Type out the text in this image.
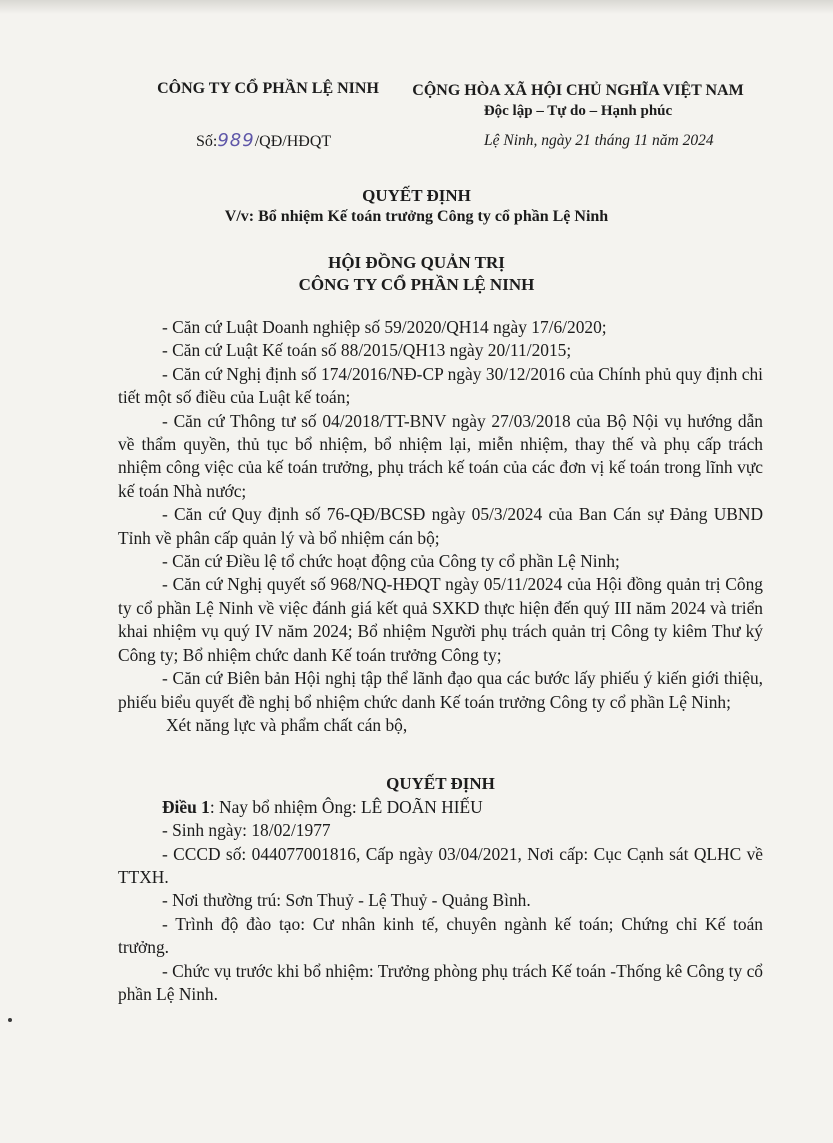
CÔNG TY CỔ PHẦN LỆ NINH	CỘNG HÒA XÃ HỘI CHỦ NGHĨA VIỆT NAM
Độc lập – Tự do – Hạnh phúc
Số:989/QĐ/HĐQT	Lệ Ninh, ngày 21 tháng 11 năm 2024
QUYẾT ĐỊNH
V/v: Bổ nhiệm Kế toán trưởng Công ty cổ phần Lệ Ninh
HỘI ĐỒNG QUẢN TRỊ
CÔNG TY CỔ PHẦN LỆ NINH

- Căn cứ Luật Doanh nghiệp số 59/2020/QH14 ngày 17/6/2020;

- Căn cứ Luật Kế toán số 88/2015/QH13 ngày 20/11/2015;

- Căn cứ Nghị định số 174/2016/NĐ-CP ngày 30/12/2016 của Chính phủ quy định chi tiết một số điều của Luật kế toán;

- Căn cứ Thông tư số 04/2018/TT-BNV ngày 27/03/2018 của Bộ Nội vụ hướng dẫn về thẩm quyền, thủ tục bổ nhiệm, bổ nhiệm lại, miễn nhiệm, thay thế và phụ cấp trách nhiệm công việc của kế toán trưởng, phụ trách kế toán của các đơn vị kế toán trong lĩnh vực kế toán Nhà nước;

- Căn cứ Quy định số 76-QĐ/BCSĐ ngày 05/3/2024 của Ban Cán sự Đảng UBND Tỉnh về phân cấp quản lý và bổ nhiệm cán bộ;

- Căn cứ Điều lệ tổ chức hoạt động của Công ty cổ phần Lệ Ninh;

- Căn cứ Nghị quyết số 968/NQ-HĐQT ngày 05/11/2024 của Hội đồng quản trị Công ty cổ phần Lệ Ninh về việc đánh giá kết quả SXKD thực hiện đến quý III năm 2024 và triển khai nhiệm vụ quý IV năm 2024; Bổ nhiệm Người phụ trách quản trị Công ty kiêm Thư ký Công ty; Bổ nhiệm chức danh Kế toán trưởng Công ty;

- Căn cứ Biên bản Hội nghị tập thể lãnh đạo qua các bước lấy phiếu ý kiến giới thiệu, phiếu biểu quyết đề nghị bổ nhiệm chức danh Kế toán trưởng Công ty cổ phần Lệ Ninh;

Xét năng lực và phẩm chất cán bộ,

QUYẾT ĐỊNH

Điều 1: Nay bổ nhiệm Ông: LÊ DOÃN HIẾU

- Sinh ngày: 18/02/1977

- CCCD số: 044077001816, Cấp ngày 03/04/2021, Nơi cấp: Cục Cạnh sát QLHC về TTXH.

- Nơi thường trú: Sơn Thuỷ - Lệ Thuỷ - Quảng Bình.

- Trình độ đào tạo: Cư nhân kinh tế, chuyên ngành kế toán; Chứng chỉ Kế toán trưởng.

- Chức vụ trước khi bổ nhiệm: Trưởng phòng phụ trách Kế toán -Thống kê Công ty cổ phần Lệ Ninh.
